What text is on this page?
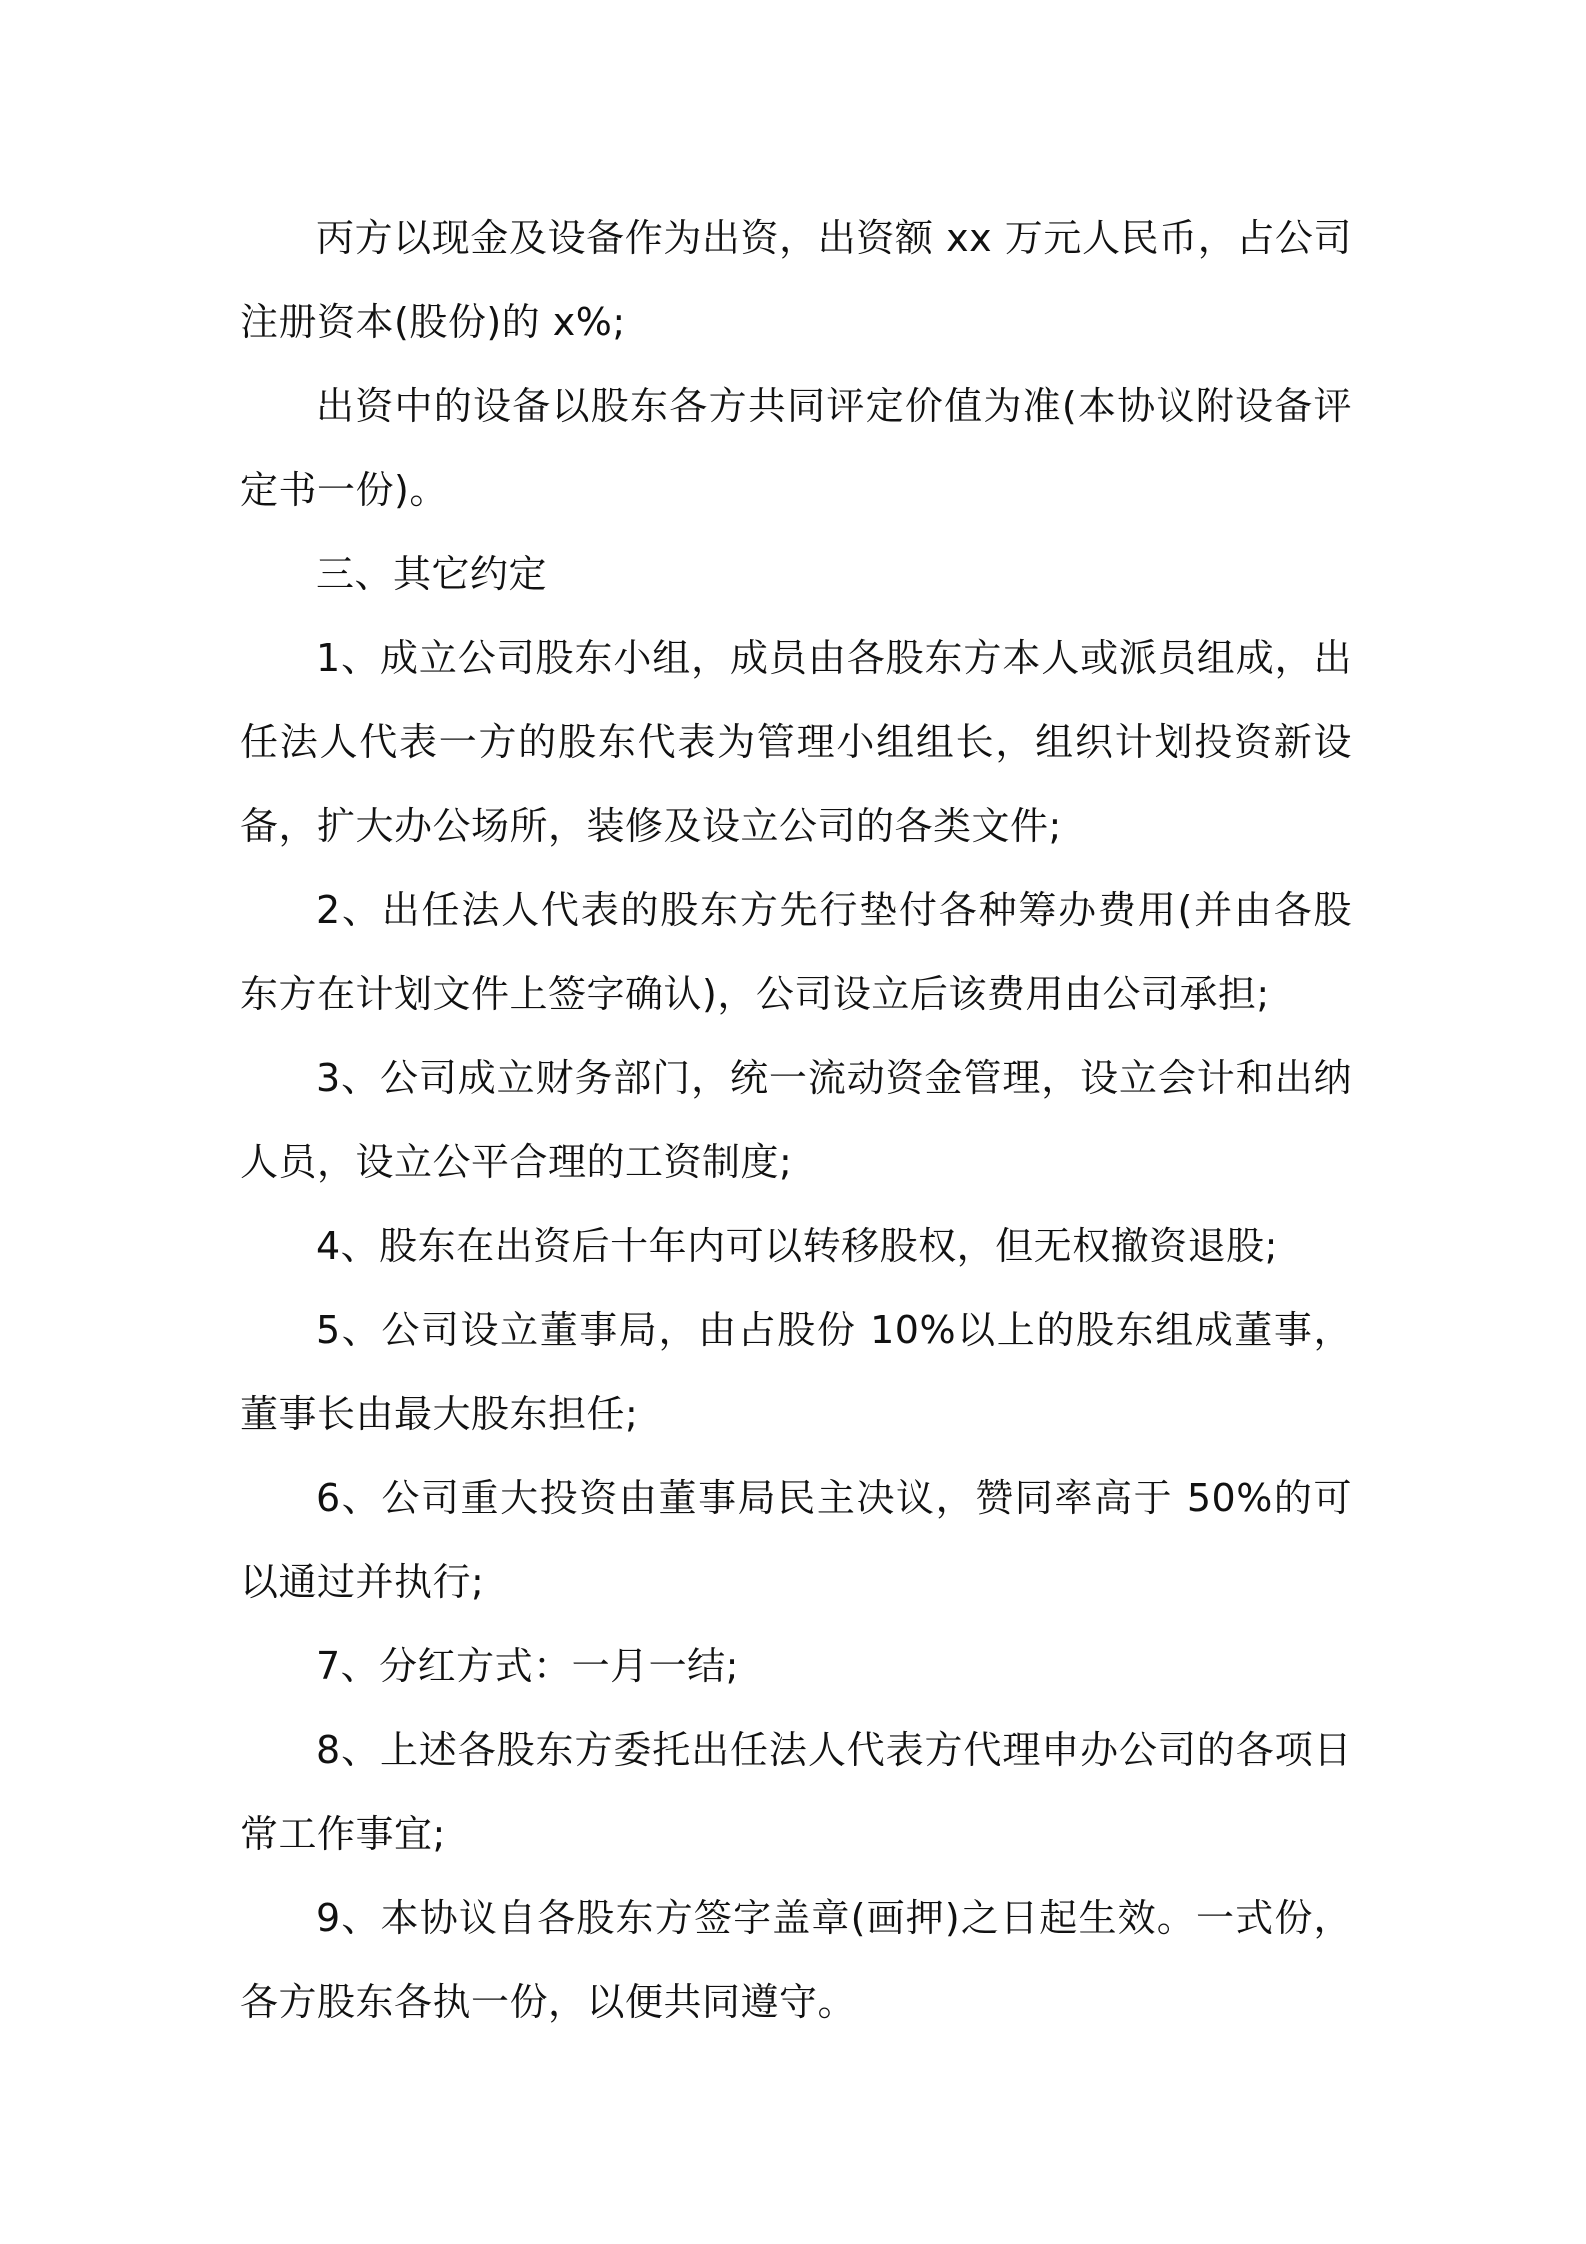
丙方以现金及设备作为出资，出资额 xx 万元人民币，占公司注册资本(股份)的 x%;

出资中的设备以股东各方共同评定价值为准(本协议附设备评定书一份)。

三、其它约定

1、成立公司股东小组，成员由各股东方本人或派员组成，出任法人代表一方的股东代表为管理小组组长，组织计划投资新设备，扩大办公场所，装修及设立公司的各类文件;

2、出任法人代表的股东方先行垫付各种筹办费用(并由各股东方在计划文件上签字确认)，公司设立后该费用由公司承担;

3、公司成立财务部门，统一流动资金管理，设立会计和出纳人员，设立公平合理的工资制度;

4、股东在出资后十年内可以转移股权，但无权撤资退股;

5、公司设立董事局，由占股份 10%以上的股东组成董事，董事长由最大股东担任;

6、公司重大投资由董事局民主决议，赞同率高于 50%的可以通过并执行;

7、分红方式：一月一结;

8、上述各股东方委托出任法人代表方代理申办公司的各项日常工作事宜;

9、本协议自各股东方签字盖章(画押)之日起生效。一式份，各方股东各执一份，以便共同遵守。
